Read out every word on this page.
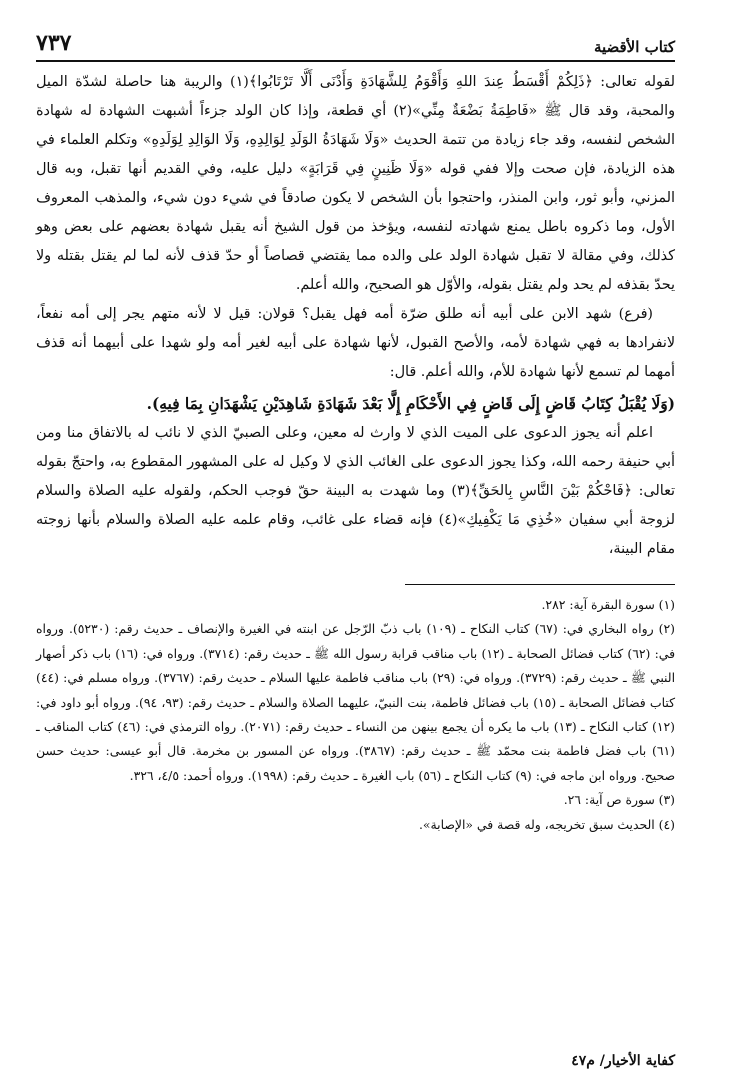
٧٣٧	كتاب الأقضية

لقوله تعالى: ﴿ذَلِكُمْ أَقْسَطُ عِندَ اللهِ وَأَقْوَمُ لِلشَّهَادَةِ وَأَدْنَى أَلَّا تَرْتَابُوا﴾(١) والريبة هنا حاصلة لشدّة الميل والمحبة، وقد قال ﷺ «فَاطِمَةُ بَضْعَةٌ مِنِّي»(٢) أي قطعة، وإذا كان الولد جزءاً أشبهت الشهادة له شهادة الشخص لنفسه، وقد جاء زيادة من تتمة الحديث «وَلَا شَهَادَةُ الوَلَدِ لِوَالِدِهِ، وَلَا الوَالِدِ لِوَلَدِهِ» وتكلم العلماء في هذه الزيادة، فإن صحت وإلا ففي قوله «وَلَا ظَنِينٍ فِي قَرَابَةٍ» دليل عليه، وفي القديم أنها تقبل، وبه قال المزني، وأبو ثور، وابن المنذر، واحتجوا بأن الشخص لا يكون صادقاً في شيء دون شيء، والمذهب المعروف الأول، وما ذكروه باطل يمنع شهادته لنفسه، ويؤخذ من قول الشيخ أنه يقبل شهادة بعضهم على بعض وهو كذلك، وفي مقالة لا تقبل شهادة الولد على والده مما يقتضي قصاصاً أو حدّ قذف لأنه لما لم يقتل بقتله ولا يحدّ بقذفه لم يحد ولم يقتل بقوله، والأوّل هو الصحيح، والله أعلم.

(فرع) شهد الابن على أبيه أنه طلق ضرّة أمه فهل يقبل؟ قولان: قيل لا لأنه متهم يجر إلى أمه نفعاً، لانفرادها به فهي شهادة لأمه، والأصح القبول، لأنها شهادة على أبيه لغير أمه ولو شهدا على أبيهما أنه قذف أمهما لم تسمع لأنها شهادة للأم، والله أعلم. قال:

(وَلَا يُقْبَلُ كِتَابُ قَاضٍ إِلَى قَاضٍ فِي الأَحْكَامِ إِلَّا بَعْدَ شَهَادَةِ شَاهِدَيْنِ يَشْهَدَانِ بِمَا فِيهِ).

اعلم أنه يجوز الدعوى على الميت الذي لا وارث له معين، وعلى الصبيّ الذي لا نائب له بالاتفاق منا ومن أبي حنيفة رحمه الله، وكذا يجوز الدعوى على الغائب الذي لا وكيل له على المشهور المقطوع به، واحتجّ بقوله تعالى: ﴿فَاحْكُمْ بَيْنَ النَّاسِ بِالحَقِّ﴾(٣) وما شهدت به البينة حقّ فوجب الحكم، ولقوله عليه الصلاة والسلام لزوجة أبي سفيان «خُذِي مَا يَكْفِيكِ»(٤) فإنه قضاء على غائب، وقام علمه عليه الصلاة والسلام بأنها زوجته مقام البينة،

(١) سورة البقرة آية: ٢٨٢.

(٢) رواه البخاري في: (٦٧) كتاب النكاح ـ (١٠٩) باب ذبّ الرّجل عن ابنته في الغيرة والإنصاف ـ حديث رقم: (٥٢٣٠). ورواه في: (٦٢) كتاب فضائل الصحابة ـ (١٢) باب مناقب قرابة رسول الله ﷺ ـ حديث رقم: (٣٧١٤). ورواه في: (١٦) باب ذكر أصهار النبي ﷺ ـ حديث رقم: (٣٧٢٩). ورواه في: (٢٩) باب مناقب فاطمة عليها السلام ـ حديث رقم: (٣٧٦٧). ورواه مسلم في: (٤٤) كتاب فضائل الصحابة ـ (١٥) باب فضائل فاطمة، بنت النبيّ، عليهما الصلاة والسلام ـ حديث رقم: (٩٣، ٩٤). ورواه أبو داود في: (١٢) كتاب النكاح ـ (١٣) باب ما يكره أن يجمع بينهن من النساء ـ حديث رقم: (٢٠٧١). رواه الترمذي في: (٤٦) كتاب المناقب ـ (٦١) باب فضل فاطمة بنت محمّد ﷺ ـ حديث رقم: (٣٨٦٧). ورواه عن المسور بن مخرمة. قال أبو عيسى: حديث حسن صحيح. ورواه ابن ماجه في: (٩) كتاب النكاح ـ (٥٦) باب الغيرة ـ حديث رقم: (١٩٩٨). ورواه أحمد: ٤/٥، ٣٢٦.

(٣) سورة ص آية: ٢٦.

(٤) الحديث سبق تخريجه، وله قصة في «الإصابة».

كفاية الأخيار/ م٤٧
